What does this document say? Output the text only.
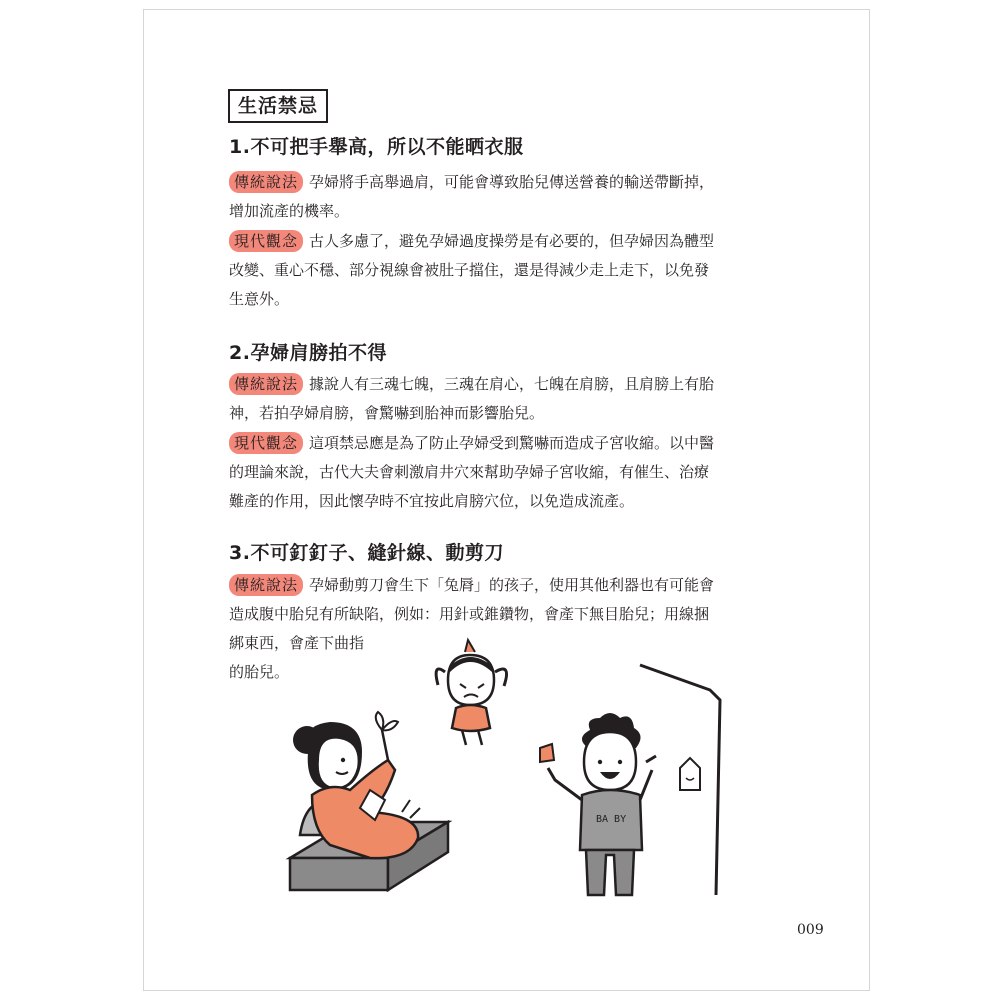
生活禁忌
1.不可把手舉高，所以不能晒衣服
傳統說法 孕婦將手高舉過肩，可能會導致胎兒傳送營養的輸送帶斷掉，
增加流產的機率。
現代觀念 古人多慮了，避免孕婦過度操勞是有必要的，但孕婦因為體型
改變、重心不穩、部分視線會被肚子擋住，還是得減少走上走下，以免發
生意外。
2.孕婦肩膀拍不得
傳統說法 據說人有三魂七魄，三魂在肩心，七魄在肩膀，且肩膀上有胎
神，若拍孕婦肩膀，會驚嚇到胎神而影響胎兒。
現代觀念 這項禁忌應是為了防止孕婦受到驚嚇而造成子宮收縮。以中醫
的理論來說，古代大夫會刺激肩井穴來幫助孕婦子宮收縮，有催生、治療
難產的作用，因此懷孕時不宜按此肩膀穴位，以免造成流產。
3.不可釘釘子、縫針線、動剪刀
傳統說法 孕婦動剪刀會生下「兔脣」的孩子，使用其他利器也有可能會
造成腹中胎兒有所缺陷，例如：用針或錐鑽物，會產下無目胎兒；用線捆
綁東西，會產下曲指
的胎兒。
BA BY
009
